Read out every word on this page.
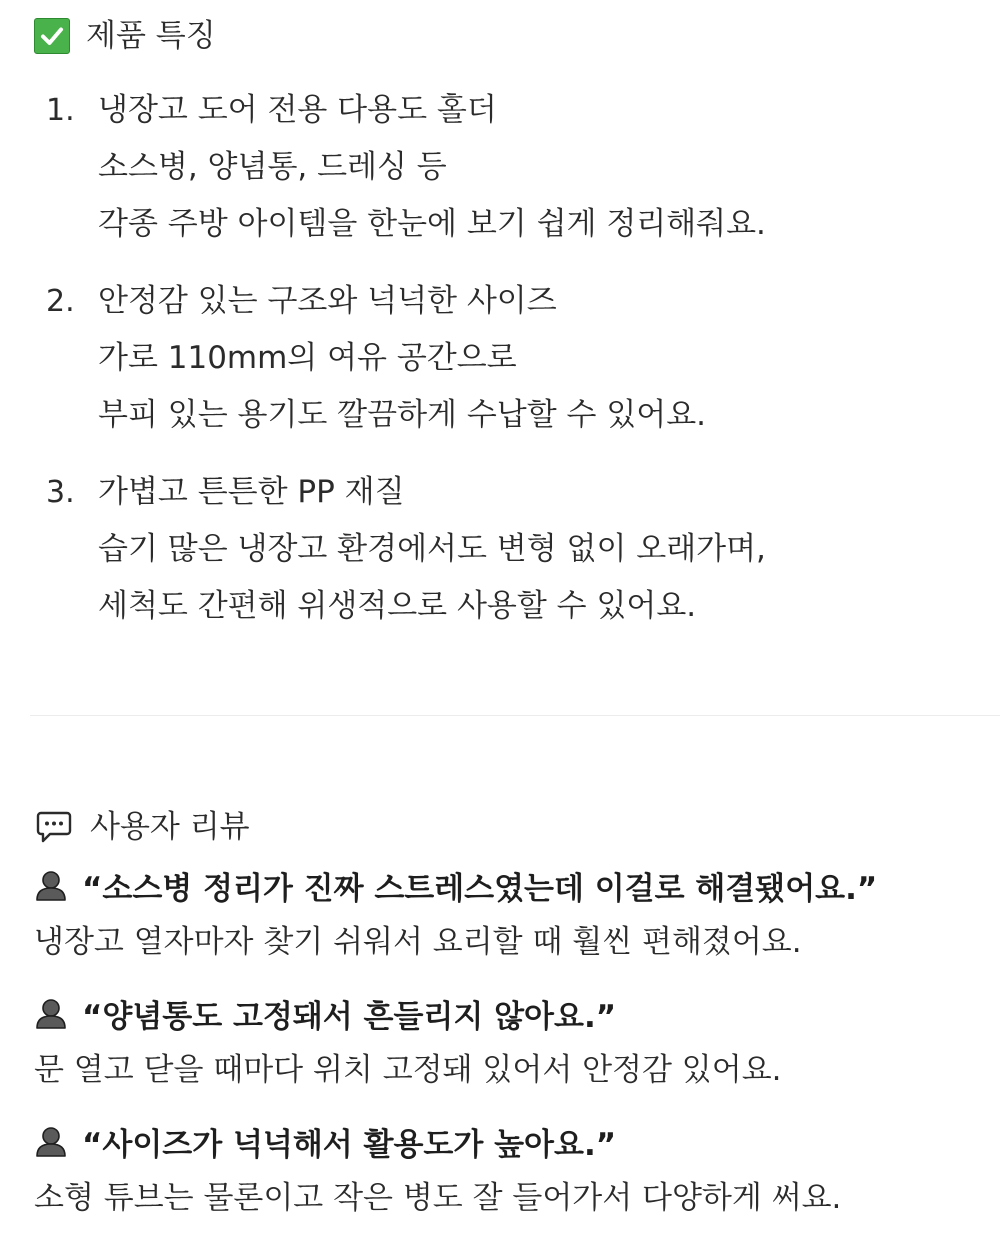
제품 특징
1. 냉장고 도어 전용 다용도 홀더
소스병, 양념통, 드레싱 등
각종 주방 아이템을 한눈에 보기 쉽게 정리해줘요.
2. 안정감 있는 구조와 넉넉한 사이즈
가로 110mm의 여유 공간으로
부피 있는 용기도 깔끔하게 수납할 수 있어요.
3. 가볍고 튼튼한 PP 재질
습기 많은 냉장고 환경에서도 변형 없이 오래가며,
세척도 간편해 위생적으로 사용할 수 있어요.
사용자 리뷰
“소스병 정리가 진짜 스트레스였는데 이걸로 해결됐어요.”
냉장고 열자마자 찾기 쉬워서 요리할 때 훨씬 편해졌어요.
“양념통도 고정돼서 흔들리지 않아요.”
문 열고 닫을 때마다 위치 고정돼 있어서 안정감 있어요.
“사이즈가 넉넉해서 활용도가 높아요.”
소형 튜브는 물론이고 작은 병도 잘 들어가서 다양하게 써요.
